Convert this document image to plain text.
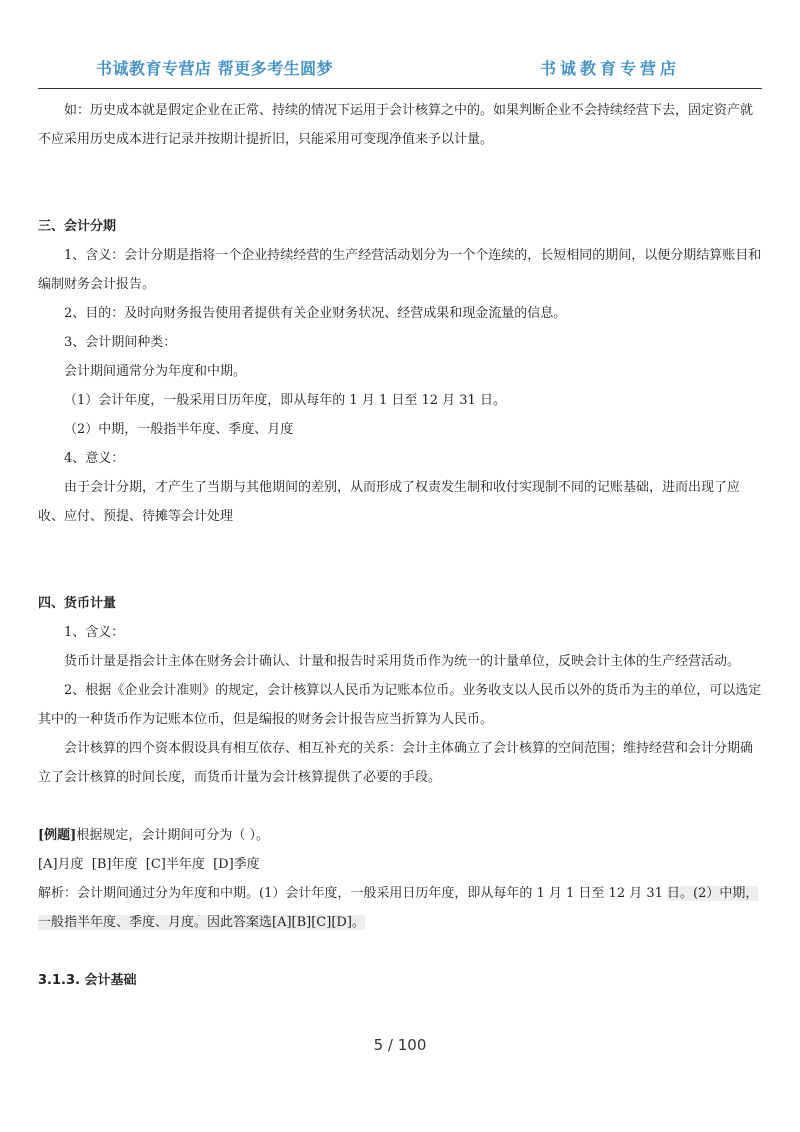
书诚教育专营店 帮更多考生圆梦	书诚教育专营店

如：历史成本就是假定企业在正常、持续的情况下运用于会计核算之中的。如果判断企业不会持续经营下去，固定资产就不应采用历史成本进行记录并按期计提折旧，只能采用可变现净值来予以计量。

三、会计分期

1、含义：会计分期是指将一个企业持续经营的生产经营活动划分为一个个连续的，长短相同的期间，以便分期结算账目和编制财务会计报告。

2、目的：及时向财务报告使用者提供有关企业财务状况、经营成果和现金流量的信息。

3、会计期间种类：

会计期间通常分为年度和中期。

（1）会计年度，一般采用日历年度，即从每年的 1 月 1 日至 12 月 31 日。

（2）中期，一般指半年度、季度、月度

4、意义：

由于会计分期，才产生了当期与其他期间的差别，从而形成了权责发生制和收付实现制不同的记账基础，进而出现了应收、应付、预提、待摊等会计处理

四、货币计量

1、含义：

货币计量是指会计主体在财务会计确认、计量和报告时采用货币作为统一的计量单位，反映会计主体的生产经营活动。

2、根据《企业会计准则》的规定，会计核算以人民币为记账本位币。业务收支以人民币以外的货币为主的单位，可以选定其中的一种货币作为记账本位币，但是编报的财务会计报告应当折算为人民币。

会计核算的四个资本假设具有相互依存、相互补充的关系：会计主体确立了会计核算的空间范围；维持经营和会计分期确立了会计核算的时间长度，而货币计量为会计核算提供了必要的手段。

[例题]根据规定，会计期间可分为（ ）。

[A]月度  [B]年度  [C]半年度  [D]季度

解析：会计期间通过分为年度和中期。(1）会计年度，一般采用日历年度，即从每年的 1 月 1 日至 12 月 31 日。(2）中期，一般指半年度、季度、月度。因此答案选[A][B][C][D]。

3.1.3. 会计基础

5 / 100
